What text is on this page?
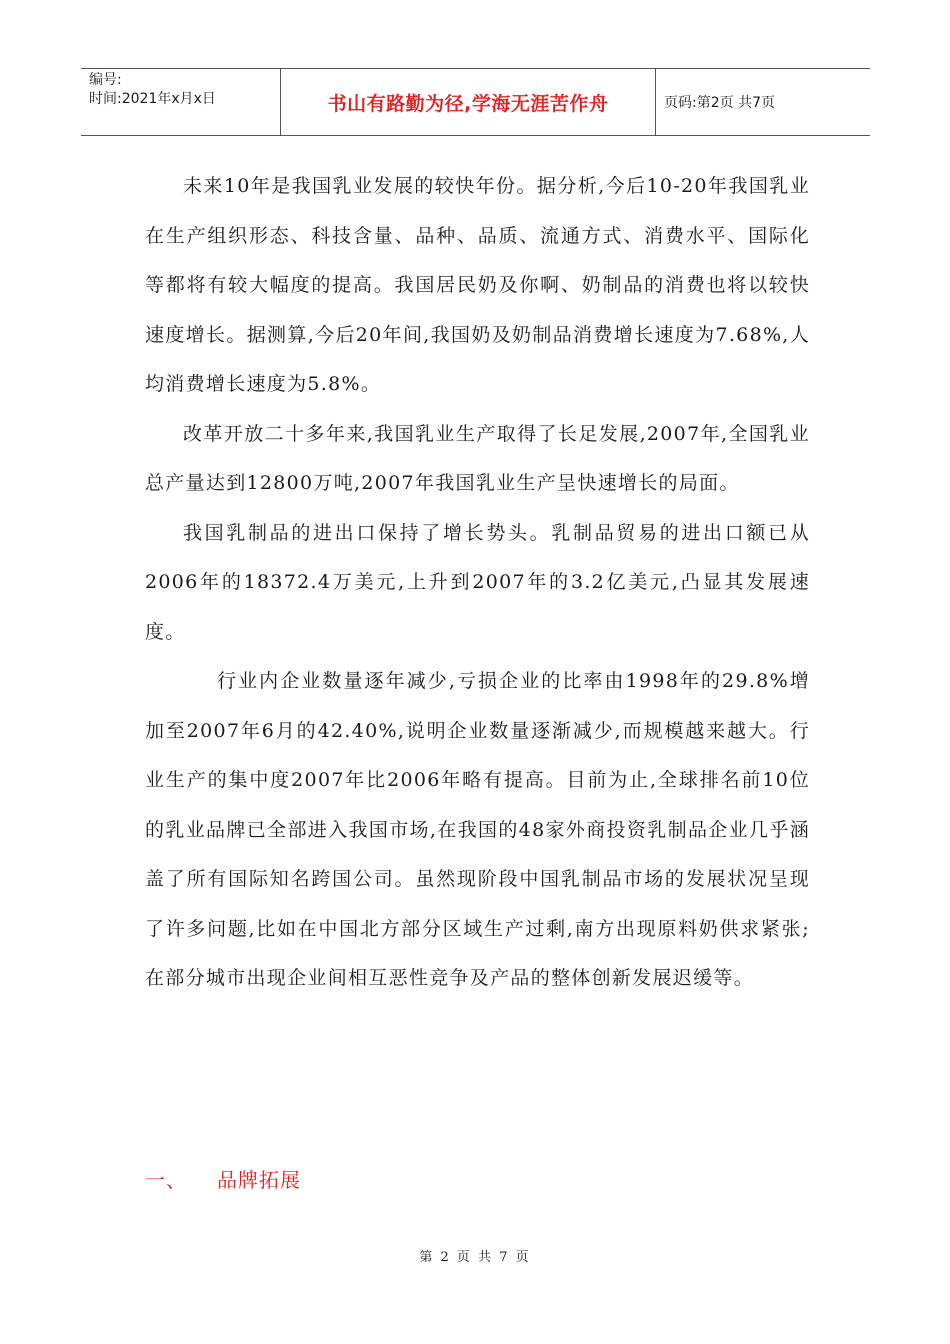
编号:
时间:2021年x月x日	书山有路勤为径,学海无涯苦作舟	页码:第2页 共7页

未来10年是我国乳业发展的较快年份。据分析,今后10-20年我国乳业在生产组织形态、科技含量、品种、品质、流通方式、消费水平、国际化等都将有较大幅度的提高。我国居民奶及你啊、奶制品的消费也将以较快速度增长。据测算,今后20年间,我国奶及奶制品消费增长速度为7.68%,人均消费增长速度为5.8%。

改革开放二十多年来,我国乳业生产取得了长足发展,2007年,全国乳业总产量达到12800万吨,2007年我国乳业生产呈快速增长的局面。

我国乳制品的进出口保持了增长势头。乳制品贸易的进出口额已从2006年的18372.4万美元,上升到2007年的3.2亿美元,凸显其发展速度。

行业内企业数量逐年减少,亏损企业的比率由1998年的29.8%增加至2007年6月的42.40%,说明企业数量逐渐减少,而规模越来越大。行业生产的集中度2007年比2006年略有提高。目前为止,全球排名前10位的乳业品牌已全部进入我国市场,在我国的48家外商投资乳制品企业几乎涵盖了所有国际知名跨国公司。虽然现阶段中国乳制品市场的发展状况呈现了许多问题,比如在中国北方部分区域生产过剩,南方出现原料奶供求紧张;在部分城市出现企业间相互恶性竞争及产品的整体创新发展迟缓等。

一、 品牌拓展
第 2 页 共 7 页
